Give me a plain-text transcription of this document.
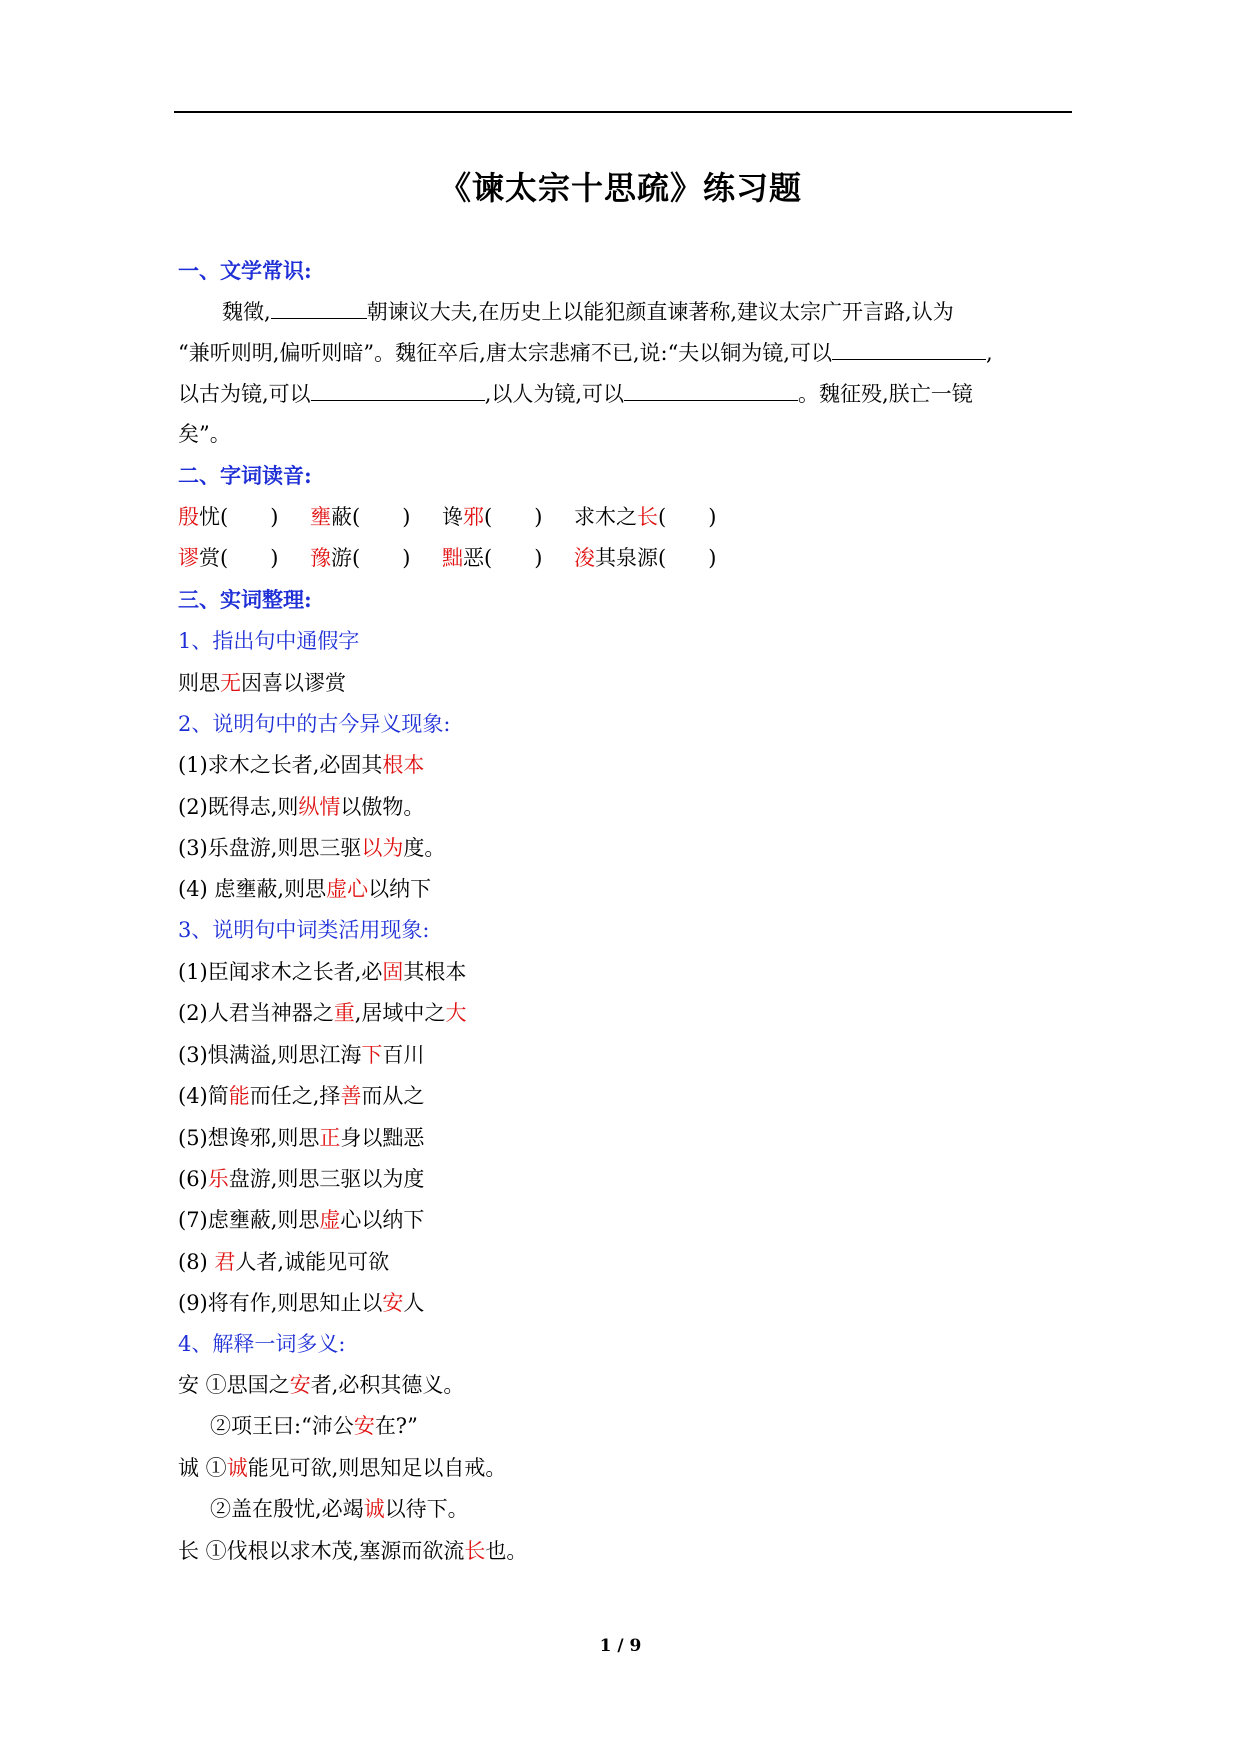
《谏太宗十思疏》练习题
一、文学常识:
魏徵,	朝谏议大夫,在历史上以能犯颜直谏著称,建议太宗广开言路,认为
“兼听则明,偏听则暗”。魏征卒后,唐太宗悲痛不已,说:“夫以铜为镜,可以	,
以古为镜,可以	,以人为镜,可以	。魏征殁,朕亡一镜
矣”。
二、字词读音:
殷忧(　　) 壅蔽(　　) 谗邪(　　) 求木之长(　　)
谬赏(　　) 豫游(　　) 黜恶(　　) 浚其泉源(　　)
三、实词整理:
1、指出句中通假字
则思无因喜以谬赏
2、说明句中的古今异义现象:
(1)求木之长者,必固其根本
(2)既得志,则纵情以傲物。
(3)乐盘游,则思三驱以为度。
(4) 虑壅蔽,则思虚心以纳下
3、说明句中词类活用现象:
(1)臣闻求木之长者,必固其根本
(2)人君当神器之重,居域中之大
(3)惧满溢,则思江海下百川
(4)简能而任之,择善而从之
(5)想谗邪,则思正身以黜恶
(6)乐盘游,则思三驱以为度
(7)虑壅蔽,则思虚心以纳下
(8) 君人者,诚能见可欲
(9)将有作,则思知止以安人
4、解释一词多义:
安 ①思国之安者,必积其德义。
②项王曰:“沛公安在?”
诚 ①诚能见可欲,则思知足以自戒。
②盖在殷忧,必竭诚以待下。
长 ①伐根以求木茂,塞源而欲流长也。
1 / 9
